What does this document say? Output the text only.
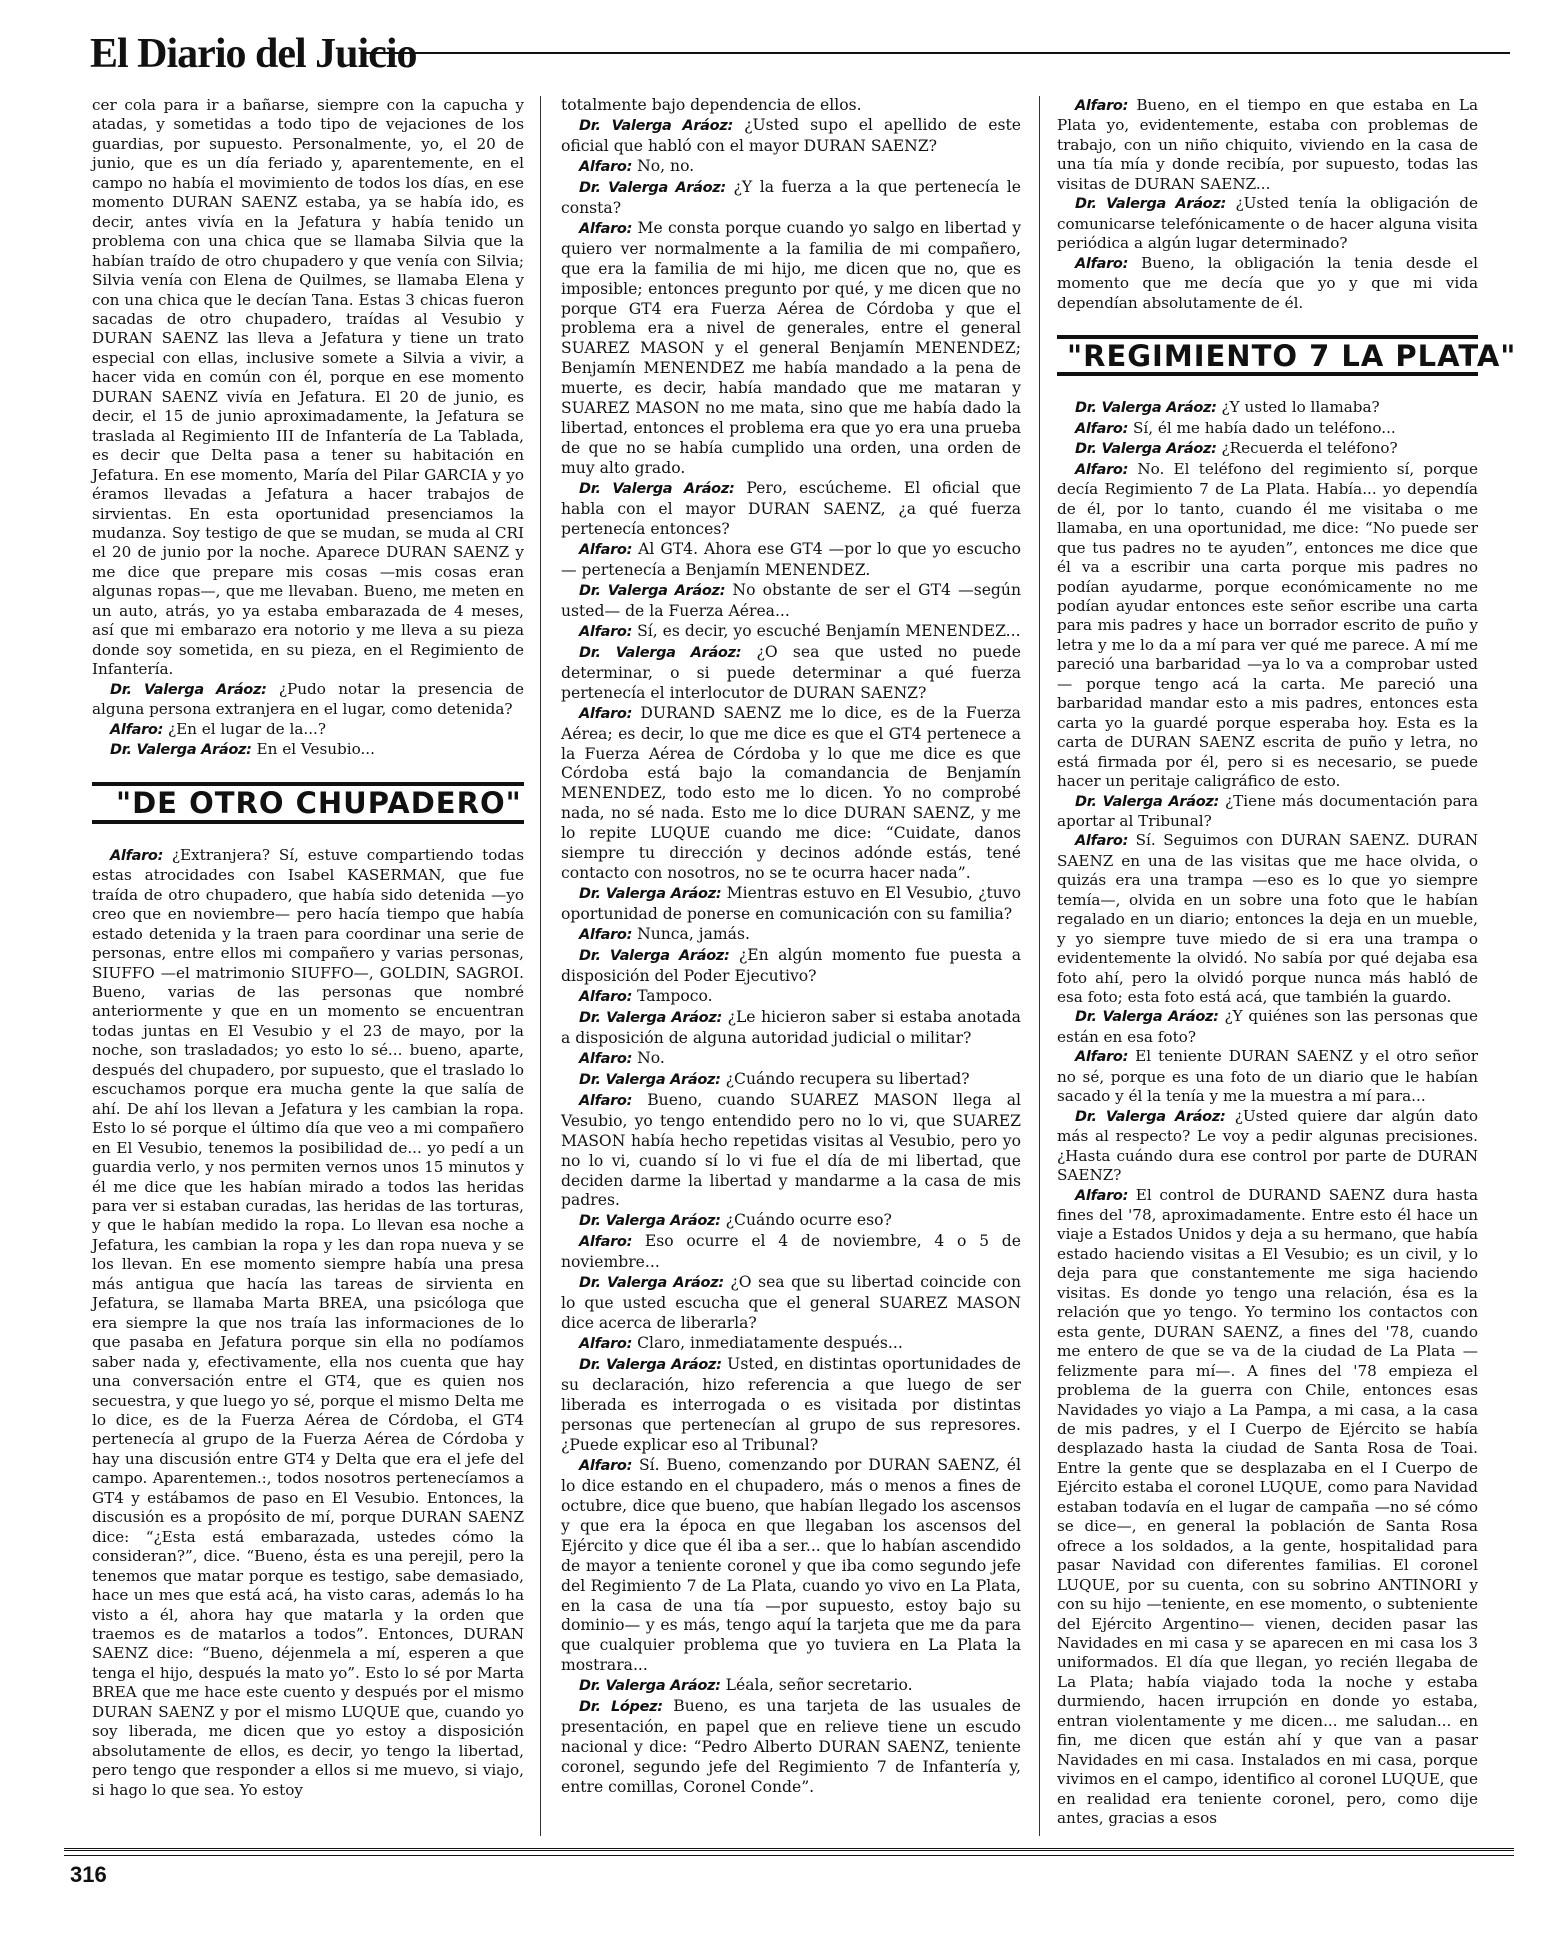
El Diario del Juicio

cer cola para ir a bañarse, siempre con la capucha y atadas, y sometidas a todo tipo de vejaciones de los guardias, por supuesto. Personalmente, yo, el 20 de junio, que es un día feriado y, aparentemente, en el campo no había el movimiento de todos los días, en ese momento DURAN SAENZ estaba, ya se había ido, es decir, antes vivía en la Jefatura y había tenido un problema con una chica que se llamaba Silvia que la habían traído de otro chupadero y que venía con Silvia; Silvia venía con Elena de Quilmes, se llamaba Elena y con una chica que le decían Tana. Estas 3 chicas fueron sacadas de otro chupadero, traídas al Vesubio y DURAN SAENZ las lleva a Jefatura y tiene un trato especial con ellas, inclusive somete a Silvia a vivir, a hacer vida en común con él, porque en ese momento DURAN SAENZ vivía en Jefatura. El 20 de junio, es decir, el 15 de junio aproximadamente, la Jefatura se traslada al Regimiento III de Infantería de La Tablada, es decir que Delta pasa a tener su habitación en Jefatura. En ese momento, María del Pilar GARCIA y yo éramos llevadas a Jefatura a hacer trabajos de sirvientas. En esta oportunidad presenciamos la mudanza. Soy testigo de que se mudan, se muda al CRI el 20 de junio por la noche. Aparece DURAN SAENZ y me dice que prepare mis cosas —mis cosas eran algunas ropas—, que me llevaban. Bueno, me meten en un auto, atrás, yo ya estaba embarazada de 4 meses, así que mi embarazo era notorio y me lleva a su pieza donde soy sometida, en su pieza, en el Regimiento de Infantería.

Dr. Valerga Aráoz: ¿Pudo notar la presencia de alguna persona extranjera en el lugar, como detenida?

Alfaro: ¿En el lugar de la...?

Dr. Valerga Aráoz: En el Vesubio...

"DE OTRO CHUPADERO"

Alfaro: ¿Extranjera? Sí, estuve compartiendo todas estas atrocidades con Isabel KASERMAN, que fue traída de otro chupadero, que había sido detenida —yo creo que en noviembre— pero hacía tiempo que había estado detenida y la traen para coordinar una serie de personas, entre ellos mi compañero y varias personas, SIUFFO —el matrimonio SIUFFO—, GOLDIN, SAGROI. Bueno, varias de las personas que nombré anteriormente y que en un momento se encuentran todas juntas en El Vesubio y el 23 de mayo, por la noche, son trasladados; yo esto lo sé... bueno, aparte, después del chupadero, por supuesto, que el traslado lo escuchamos porque era mucha gente la que salía de ahí. De ahí los llevan a Jefatura y les cambian la ropa. Esto lo sé porque el último día que veo a mi compañero en El Vesubio, tenemos la posibilidad de... yo pedí a un guardia verlo, y nos permiten vernos unos 15 minutos y él me dice que les habían mirado a todos las heridas para ver si estaban curadas, las heridas de las torturas, y que le habían medido la ropa. Lo llevan esa noche a Jefatura, les cambian la ropa y les dan ropa nueva y se los llevan. En ese momento siempre había una presa más antigua que hacía las tareas de sirvienta en Jefatura, se llamaba Marta BREA, una psicóloga que era siempre la que nos traía las informaciones de lo que pasaba en Jefatura porque sin ella no podíamos saber nada y, efectivamente, ella nos cuenta que hay una conversación entre el GT4, que es quien nos secuestra, y que luego yo sé, porque el mismo Delta me lo dice, es de la Fuerza Aérea de Córdoba, el GT4 pertenecía al grupo de la Fuerza Aérea de Córdoba y hay una discusión entre GT4 y Delta que era el jefe del campo. Aparentemen.:, todos nosotros pertenecíamos a GT4 y estábamos de paso en El Vesubio. Entonces, la discusión es a propósito de mí, porque DURAN SAENZ dice: “¿Esta está embarazada, ustedes cómo la consideran?”, dice. “Bueno, ésta es una perejil, pero la tenemos que matar porque es testigo, sabe demasiado, hace un mes que está acá, ha visto caras, además lo ha visto a él, ahora hay que matarla y la orden que traemos es de matarlos a todos”. Entonces, DURAN SAENZ dice: “Bueno, déjenmela a mí, esperen a que tenga el hijo, después la mato yo”. Esto lo sé por Marta BREA que me hace este cuento y después por el mismo DURAN SAENZ y por el mismo LUQUE que, cuando yo soy liberada, me dicen que yo estoy a disposición absolutamente de ellos, es decir, yo tengo la libertad, pero tengo que responder a ellos si me muevo, si viajo, si hago lo que sea. Yo estoy

totalmente bajo dependencia de ellos.

Dr. Valerga Aráoz: ¿Usted supo el apellido de este oficial que habló con el mayor DURAN SAENZ?

Alfaro: No, no.

Dr. Valerga Aráoz: ¿Y la fuerza a la que pertenecía le consta?

Alfaro: Me consta porque cuando yo salgo en libertad y quiero ver normalmente a la familia de mi compañero, que era la familia de mi hijo, me dicen que no, que es imposible; entonces pregunto por qué, y me dicen que no porque GT4 era Fuerza Aérea de Córdoba y que el problema era a nivel de generales, entre el general SUAREZ MASON y el general Benjamín MENENDEZ; Benjamín MENENDEZ me había mandado a la pena de muerte, es decir, había mandado que me mataran y SUAREZ MASON no me mata, sino que me había dado la libertad, entonces el problema era que yo era una prueba de que no se había cumplido una orden, una orden de muy alto grado.

Dr. Valerga Aráoz: Pero, escúcheme. El oficial que habla con el mayor DURAN SAENZ, ¿a qué fuerza pertenecía entonces?

Alfaro: Al GT4. Ahora ese GT4 —por lo que yo escucho— pertenecía a Benjamín MENENDEZ.

Dr. Valerga Aráoz: No obstante de ser el GT4 —según usted— de la Fuerza Aérea...

Alfaro: Sí, es decir, yo escuché Benjamín MENENDEZ...

Dr. Valerga Aráoz: ¿O sea que usted no puede determinar, o si puede determinar a qué fuerza pertenecía el interlocutor de DURAN SAENZ?

Alfaro: DURAND SAENZ me lo dice, es de la Fuerza Aérea; es decir, lo que me dice es que el GT4 pertenece a la Fuerza Aérea de Córdoba y lo que me dice es que Córdoba está bajo la comandancia de Benjamín MENENDEZ, todo esto me lo dicen. Yo no comprobé nada, no sé nada. Esto me lo dice DURAN SAENZ, y me lo repite LUQUE cuando me dice: “Cuidate, danos siempre tu dirección y decinos adónde estás, tené contacto con nosotros, no se te ocurra hacer nada”.

Dr. Valerga Aráoz: Mientras estuvo en El Vesubio, ¿tuvo oportunidad de ponerse en comunicación con su familia?

Alfaro: Nunca, jamás.

Dr. Valerga Aráoz: ¿En algún momento fue puesta a disposición del Poder Ejecutivo?

Alfaro: Tampoco.

Dr. Valerga Aráoz: ¿Le hicieron saber si estaba anotada a disposición de alguna autoridad judicial o militar?

Alfaro: No.

Dr. Valerga Aráoz: ¿Cuándo recupera su libertad?

Alfaro: Bueno, cuando SUAREZ MASON llega al Vesubio, yo tengo entendido pero no lo vi, que SUAREZ MASON había hecho repetidas visitas al Vesubio, pero yo no lo vi, cuando sí lo vi fue el día de mi libertad, que deciden darme la libertad y mandarme a la casa de mis padres.

Dr. Valerga Aráoz: ¿Cuándo ocurre eso?

Alfaro: Eso ocurre el 4 de noviembre, 4 o 5 de noviembre...

Dr. Valerga Aráoz: ¿O sea que su libertad coincide con lo que usted escucha que el general SUAREZ MASON dice acerca de liberarla?

Alfaro: Claro, inmediatamente después...

Dr. Valerga Aráoz: Usted, en distintas oportunidades de su declaración, hizo referencia a que luego de ser liberada es interrogada o es visitada por distintas personas que pertenecían al grupo de sus represores. ¿Puede explicar eso al Tribunal?

Alfaro: Sí. Bueno, comenzando por DURAN SAENZ, él lo dice estando en el chupadero, más o menos a fines de octubre, dice que bueno, que habían llegado los ascensos y que era la época en que llegaban los ascensos del Ejército y dice que él iba a ser... que lo habían ascendido de mayor a teniente coronel y que iba como segundo jefe del Regimiento 7 de La Plata, cuando yo vivo en La Plata, en la casa de una tía —por supuesto, estoy bajo su dominio— y es más, tengo aquí la tarjeta que me da para que cualquier problema que yo tuviera en La Plata la mostrara...

Dr. Valerga Aráoz: Léala, señor secretario.

Dr. López: Bueno, es una tarjeta de las usuales de presentación, en papel que en relieve tiene un escudo nacional y dice: “Pedro Alberto DURAN SAENZ, teniente coronel, segundo jefe del Regimiento 7 de Infantería y, entre comillas, Coronel Conde”.

Alfaro: Bueno, en el tiempo en que estaba en La Plata yo, evidentemente, estaba con problemas de trabajo, con un niño chiquito, viviendo en la casa de una tía mía y donde recibía, por supuesto, todas las visitas de DURAN SAENZ...

Dr. Valerga Aráoz: ¿Usted tenía la obligación de comunicarse telefónicamente o de hacer alguna visita periódica a algún lugar determinado?

Alfaro: Bueno, la obligación la tenia desde el momento que me decía que yo y que mi vida dependían absolutamente de él.

"REGIMIENTO 7 LA PLATA"

Dr. Valerga Aráoz: ¿Y usted lo llamaba?

Alfaro: Sí, él me había dado un teléfono...

Dr. Valerga Aráoz: ¿Recuerda el teléfono?

Alfaro: No. El teléfono del regimiento sí, porque decía Regimiento 7 de La Plata. Había... yo dependía de él, por lo tanto, cuando él me visitaba o me llamaba, en una oportunidad, me dice: “No puede ser que tus padres no te ayuden”, entonces me dice que él va a escribir una carta porque mis padres no podían ayudarme, porque económicamente no me podían ayudar entonces este señor escribe una carta para mis padres y hace un borrador escrito de puño y letra y me lo da a mí para ver qué me parece. A mí me pareció una barbaridad —ya lo va a comprobar usted— porque tengo acá la carta. Me pareció una barbaridad mandar esto a mis padres, entonces esta carta yo la guardé porque esperaba hoy. Esta es la carta de DURAN SAENZ escrita de puño y letra, no está firmada por él, pero si es necesario, se puede hacer un peritaje caligráfico de esto.

Dr. Valerga Aráoz: ¿Tiene más documentación para aportar al Tribunal?

Alfaro: Sí. Seguimos con DURAN SAENZ. DURAN SAENZ en una de las visitas que me hace olvida, o quizás era una trampa —eso es lo que yo siempre temía—, olvida en un sobre una foto que le habían regalado en un diario; entonces la deja en un mueble, y yo siempre tuve miedo de si era una trampa o evidentemente la olvidó. No sabía por qué dejaba esa foto ahí, pero la olvidó porque nunca más habló de esa foto; esta foto está acá, que también la guardo.

Dr. Valerga Aráoz: ¿Y quiénes son las personas que están en esa foto?

Alfaro: El teniente DURAN SAENZ y el otro señor no sé, porque es una foto de un diario que le habían sacado y él la tenía y me la muestra a mí para...

Dr. Valerga Aráoz: ¿Usted quiere dar algún dato más al respecto? Le voy a pedir algunas precisiones. ¿Hasta cuándo dura ese control por parte de DURAN SAENZ?

Alfaro: El control de DURAND SAENZ dura hasta fines del '78, aproximadamente. Entre esto él hace un viaje a Estados Unidos y deja a su hermano, que había estado haciendo visitas a El Vesubio; es un civil, y lo deja para que constantemente me siga haciendo visitas. Es donde yo tengo una relación, ésa es la relación que yo tengo. Yo termino los contactos con esta gente, DURAN SAENZ, a fines del '78, cuando me entero de que se va de la ciudad de La Plata —felizmente para mí—. A fines del '78 empieza el problema de la guerra con Chile, entonces esas Navidades yo viajo a La Pampa, a mi casa, a la casa de mis padres, y el I Cuerpo de Ejército se había desplazado hasta la ciudad de Santa Rosa de Toai. Entre la gente que se desplazaba en el I Cuerpo de Ejército estaba el coronel LUQUE, como para Navidad estaban todavía en el lugar de campaña —no sé cómo se dice—, en general la población de Santa Rosa ofrece a los soldados, a la gente, hospitalidad para pasar Navidad con diferentes familias. El coronel LUQUE, por su cuenta, con su sobrino ANTINORI y con su hijo —teniente, en ese momento, o subteniente del Ejército Argentino— vienen, deciden pasar las Navidades en mi casa y se aparecen en mi casa los 3 uniformados. El día que llegan, yo recién llegaba de La Plata; había viajado toda la noche y estaba durmiendo, hacen irrupción en donde yo estaba, entran violentamente y me dicen... me saludan... en fin, me dicen que están ahí y que van a pasar Navidades en mi casa. Instalados en mi casa, porque vivimos en el campo, identifico al coronel LUQUE, que en realidad era teniente coronel, pero, como dije antes, gracias a esos

316
